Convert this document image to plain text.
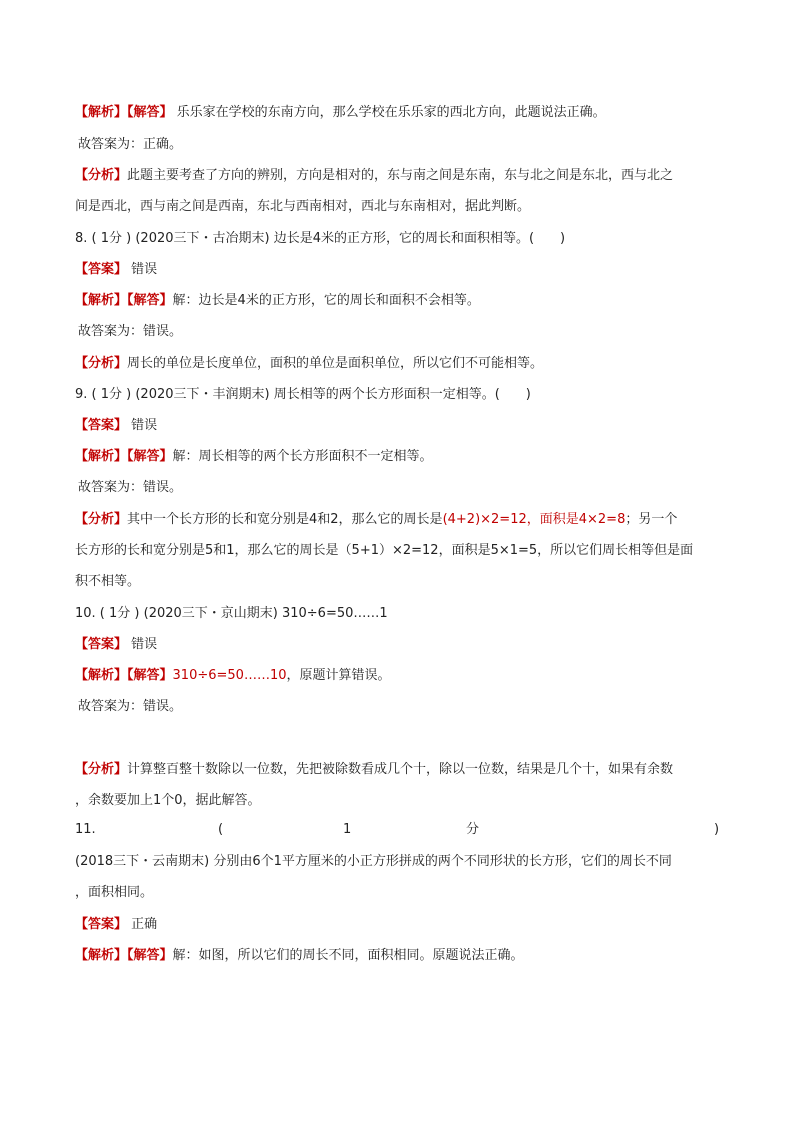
【解析】【解答】 乐乐家在学校的东南方向，那么学校在乐乐家的西北方向，此题说法正确。
故答案为：正确。
【分析】此题主要考查了方向的辨别，方向是相对的，东与南之间是东南，东与北之间是东北，西与北之
间是西北，西与南之间是西南，东北与西南相对，西北与东南相对，据此判断。
8. ( 1分 ) (2020三下・古冶期末) 边长是4米的正方形，它的周长和面积相等。(　　)
【答案】 错误
【解析】【解答】解：边长是4米的正方形，它的周长和面积不会相等。
故答案为：错误。
【分析】周长的单位是长度单位，面积的单位是面积单位，所以它们不可能相等。
9. ( 1分 ) (2020三下・丰润期末) 周长相等的两个长方形面积一定相等。(　　)
【答案】 错误
【解析】【解答】解：周长相等的两个长方形面积不一定相等。
故答案为：错误。
【分析】其中一个长方形的长和宽分别是4和2，那么它的周长是(4+2)×2=12，面积是4×2=8；另一个
长方形的长和宽分别是5和1，那么它的周长是（5+1）×2=12，面积是5×1=5，所以它们周长相等但是面
积不相等。
10. ( 1分 ) (2020三下・京山期末) 310÷6=50……1
【答案】 错误
【解析】【解答】310÷6=50……10，原题计算错误。
故答案为：错误。
【分析】计算整百整十数除以一位数，先把被除数看成几个十，除以一位数，结果是几个十，如果有余数
，余数要加上1个0，据此解答。
11.	(	1	分	)
(2018三下・云南期末) 分别由6个1平方厘米的小正方形拼成的两个不同形状的长方形，它们的周长不同
，面积相同。
【答案】 正确
【解析】【解答】解：如图，所以它们的周长不同，面积相同。原题说法正确。
